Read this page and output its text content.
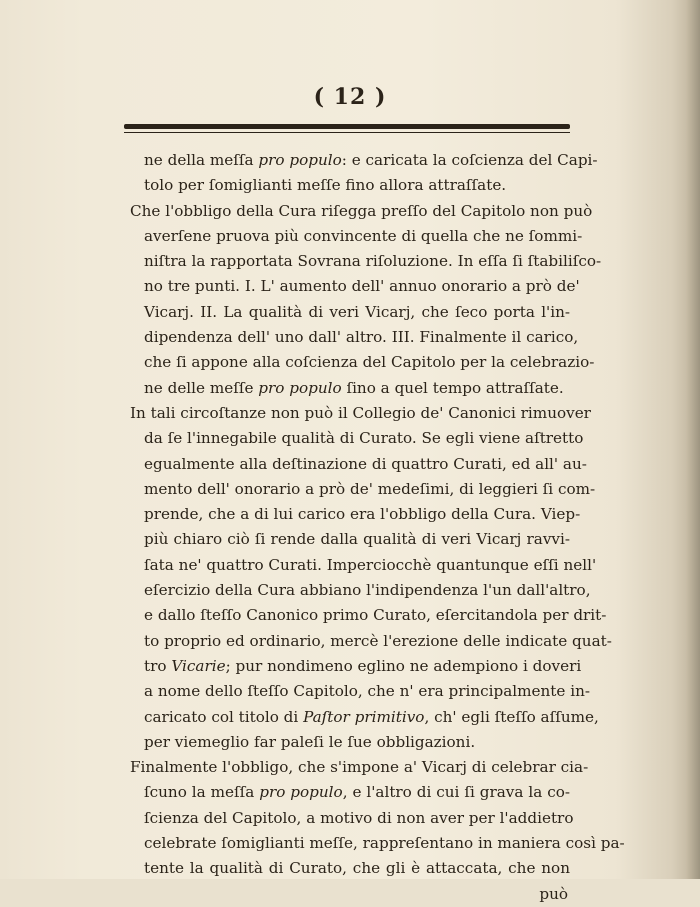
( 12 )
ne della meſſa pro populo: e caricata la coſcienza del Capi-
tolo per ſomiglianti meſſe fino allora attraſſate.
Che l'obbligo della Cura riſegga preſſo del Capitolo non può
averſene pruova più convincente di quella che ne ſommi-
niſtra la rapportata Sovrana riſoluzione. In eſſa ſi ſtabiliſco-
no tre punti. I. L' aumento dell' annuo onorario a prò de'
Vicarj. II. La qualità di veri Vicarj, che ſeco porta l'in-
dipendenza dell' uno dall' altro. III. Finalmente il carico,
che ſi appone alla coſcienza del Capitolo per la celebrazio-
ne delle meſſe pro populo ſino a quel tempo attraſſate.
In tali circoſtanze non può il Collegio de' Canonici rimuover
da ſe l'innegabile qualità di Curato. Se egli viene aſtretto
egualmente alla deſtinazione di quattro Curati, ed all' au-
mento dell' onorario a prò de' medeſimi, di leggieri ſi com-
prende, che a di lui carico era l'obbligo della Cura. Viep-
più chiaro ciò ſi rende dalla qualità di veri Vicarj ravvi-
ſata ne' quattro Curati. Imperciocchè quantunque eſſi nell'
eſercizio della Cura abbiano l'indipendenza l'un dall'altro,
e dallo ſteſſo Canonico primo Curato, eſercitandola per drit-
to proprio ed ordinario, mercè l'erezione delle indicate quat-
tro Vicarie; pur nondimeno eglino ne adempiono i doveri
a nome dello ſteſſo Capitolo, che n' era principalmente in-
caricato col titolo di Paſtor primitivo, ch' egli ſteſſo aſſume,
per viemeglio far paleſi le ſue obbligazioni.
Finalmente l'obbligo, che s'impone a' Vicarj di celebrar cia-
ſcuno la meſſa pro populo, e l'altro di cui ſi grava la co-
ſcienza del Capitolo, a motivo di non aver per l'addietro
celebrate ſomiglianti meſſe, rappreſentano in maniera così pa-
tente la qualità di Curato, che gli è attaccata, che non
può
